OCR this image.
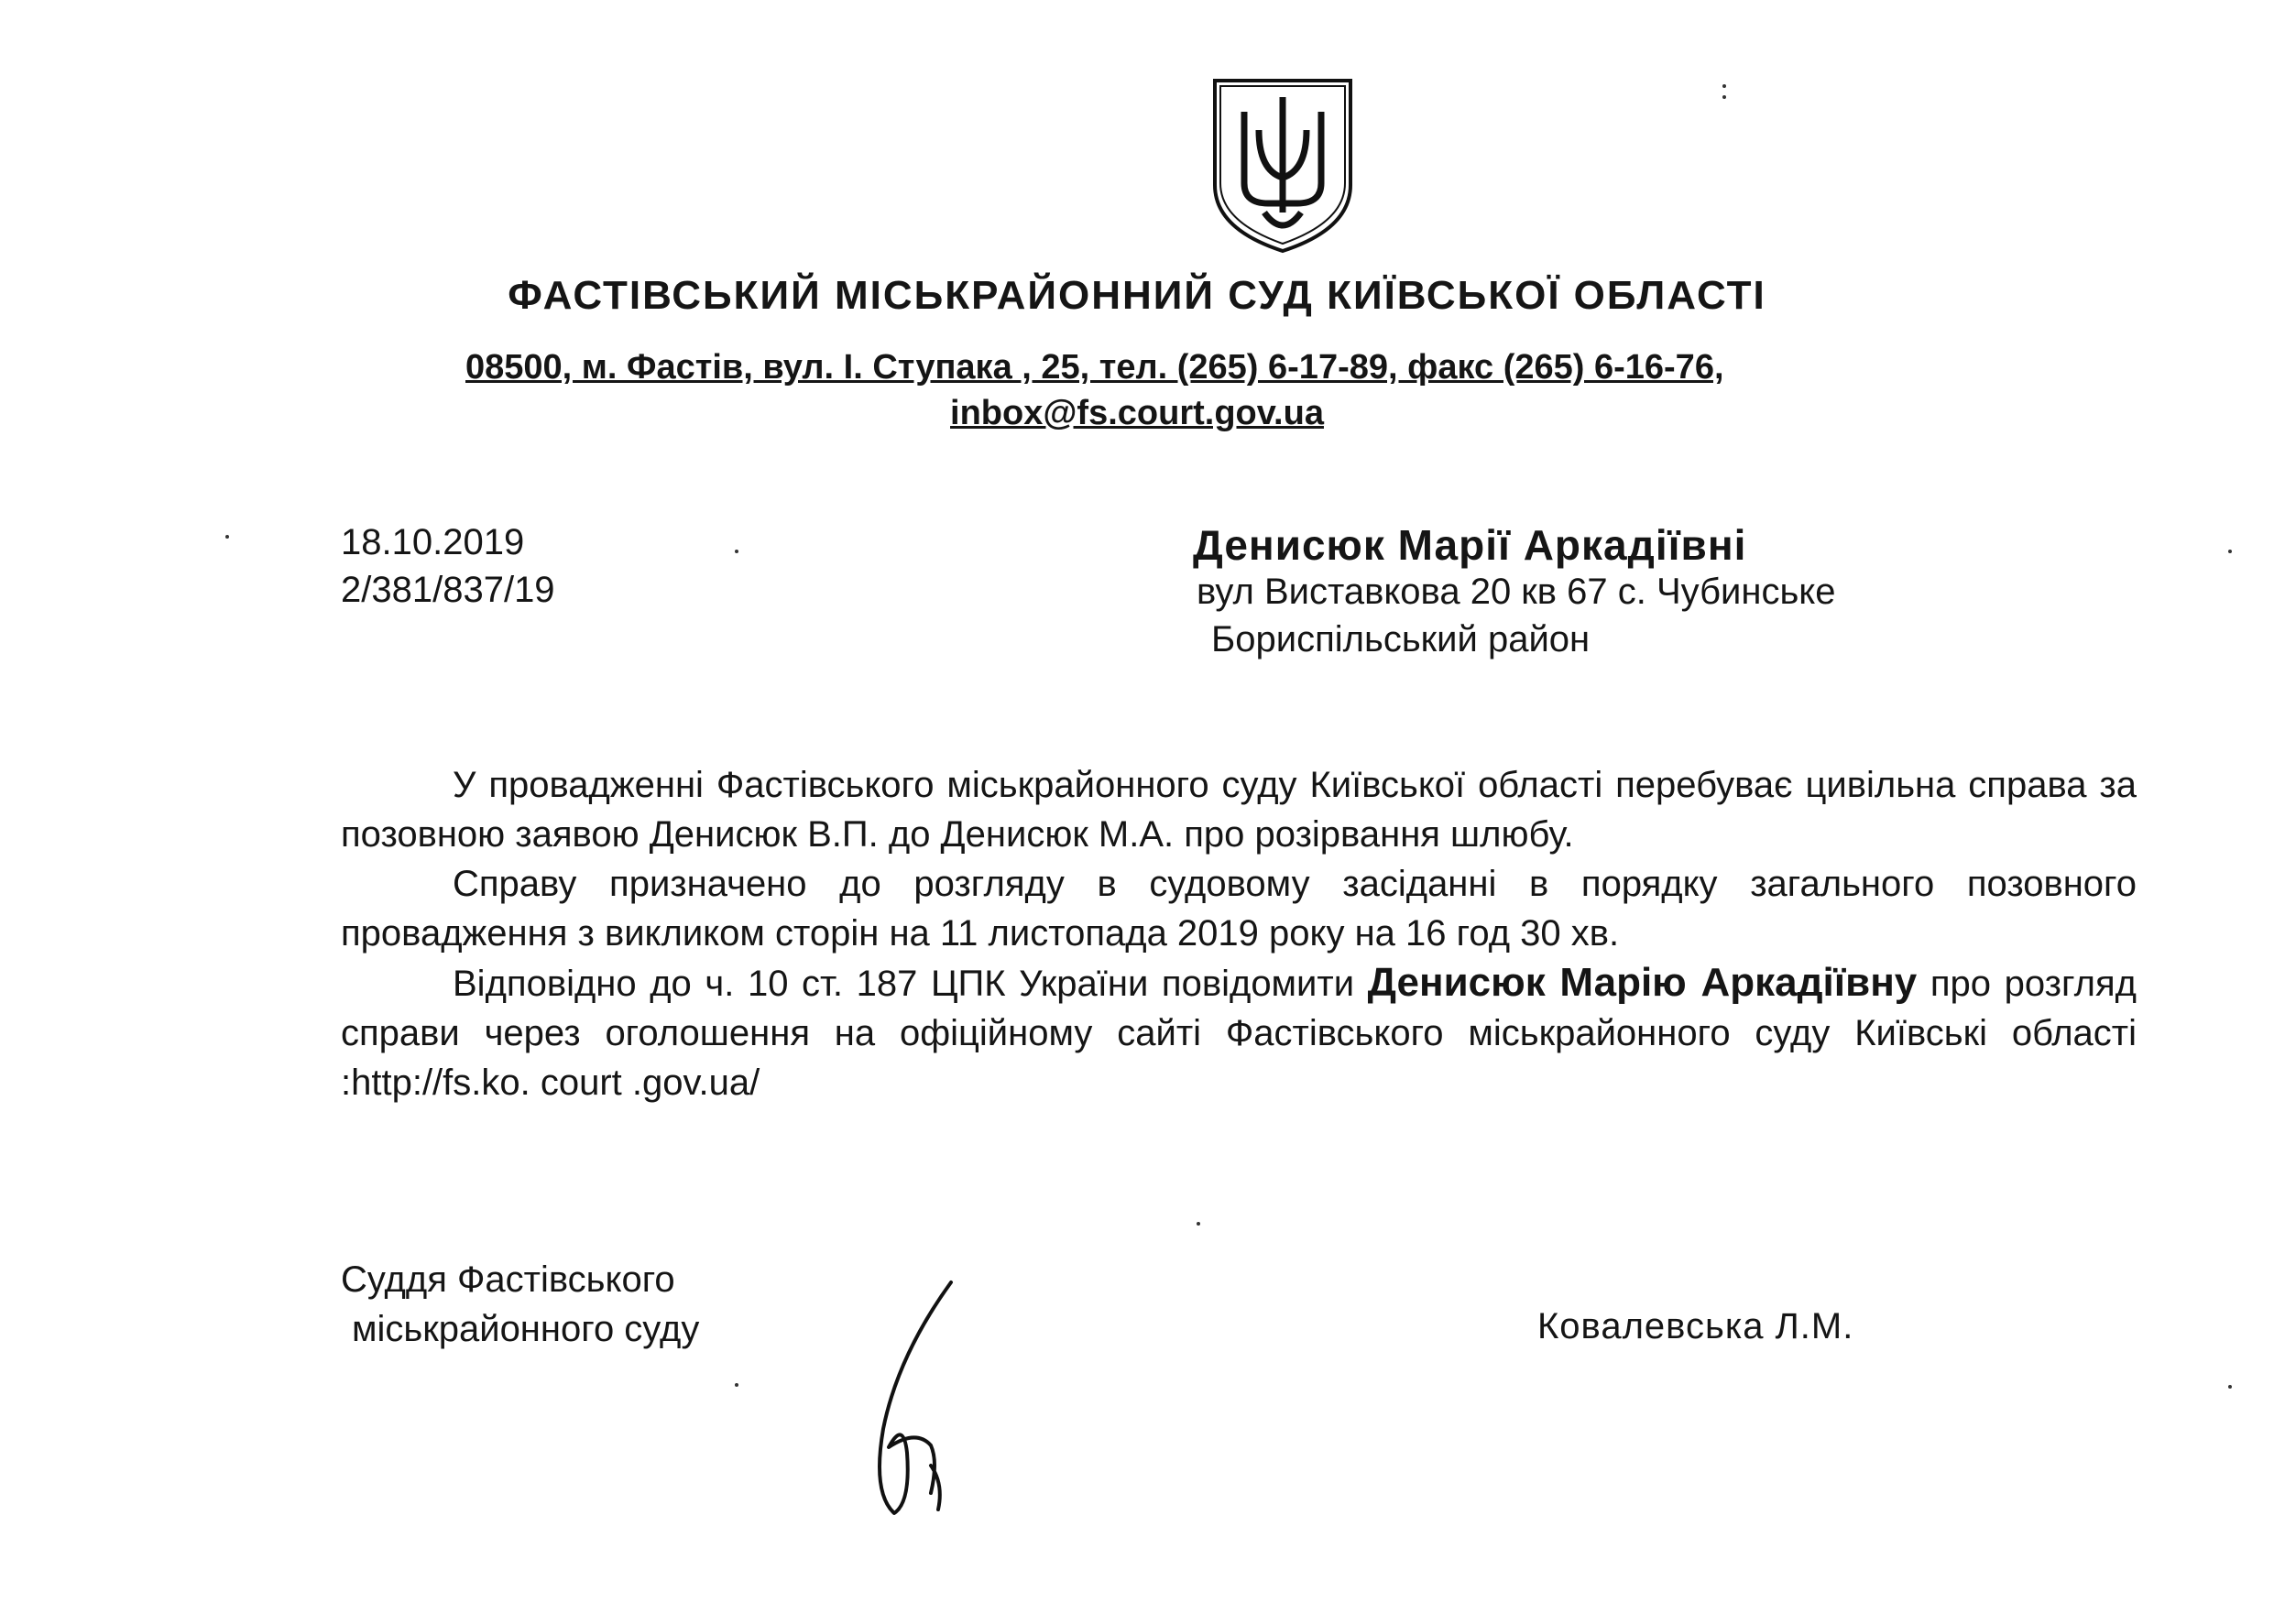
ФАСТІВСЬКИЙ МІСЬКРАЙОННИЙ СУД КИЇВСЬКОЇ ОБЛАСТІ
08500, м. Фастів, вул. І. Ступака , 25, тел. (265) 6-17-89, факс (265) 6-16-76,
inbox@fs.court.gov.ua
18.10.2019
2/381/837/19
Денисюк Марії Аркадіївні
вул Виставкова 20 кв 67 с. Чубинське
Бориспільський район

У провадженні Фастівського міськрайонного суду Київської області перебуває цивільна справа за позовною заявою Денисюк В.П. до Денисюк М.А. про розірвання шлюбу.

Справу призначено до розгляду в судовому засіданні в порядку загального позовного провадження з викликом сторін на 11 листопада 2019 року на 16 год 30 хв.

Відповідно до ч. 10 ст. 187 ЦПК України повідомити Денисюк Марію Аркадіївну про розгляд справи через оголошення на офіційному сайті Фастівського міськрайонного суду Київські області :http://fs.ko. court .gov.ua/

Суддя Фастівського
міськрайонного суду	Ковалевська Л.М.
